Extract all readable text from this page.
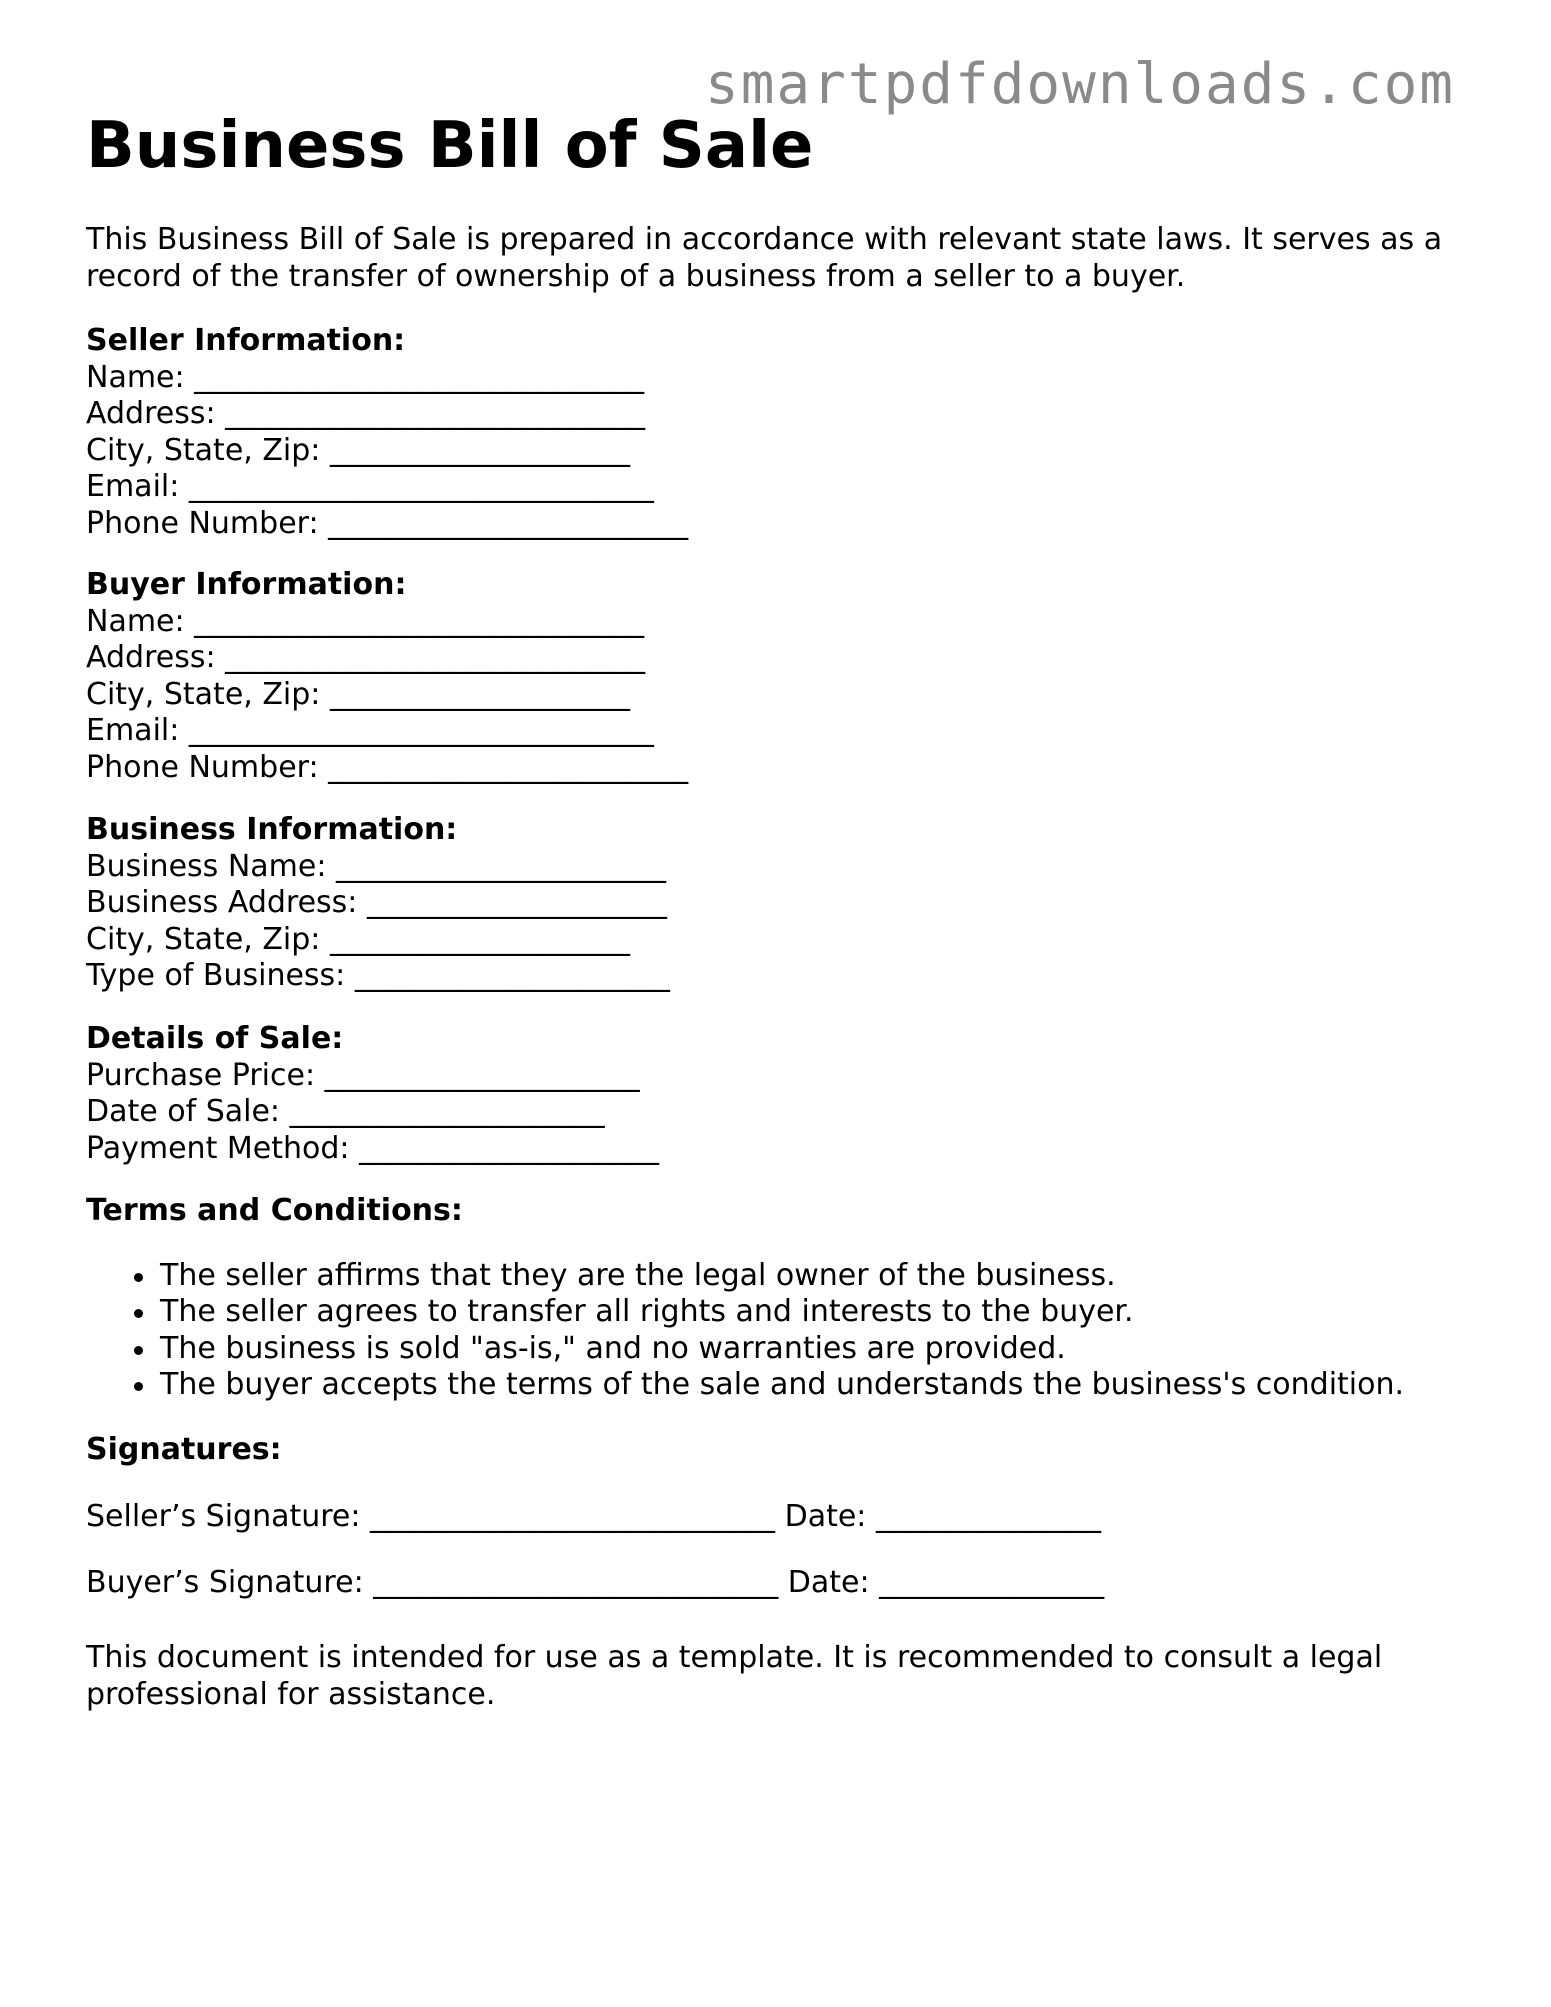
smartpdfdownloads.com
Business Bill of Sale
This Business Bill of Sale is prepared in accordance with relevant state laws. It serves as a record of the transfer of ownership of a business from a seller to a buyer.
Seller Information:
Name: ______________________________
Address: ____________________________
City, State, Zip: ____________________
Email: _______________________________
Phone Number: ________________________
Buyer Information:
Name: ______________________________
Address: ____________________________
City, State, Zip: ____________________
Email: _______________________________
Phone Number: ________________________
Business Information:
Business Name: ______________________
Business Address: ____________________
City, State, Zip: ____________________
Type of Business: _____________________
Details of Sale:
Purchase Price: _____________________
Date of Sale: _____________________
Payment Method: ____________________
Terms and Conditions:
The seller affirms that they are the legal owner of the business.
The seller agrees to transfer all rights and interests to the buyer.
The business is sold "as-is," and no warranties are provided.
The buyer accepts the terms of the sale and understands the business's condition.
Signatures:
Seller’s Signature: ___________________________ Date: _______________
Buyer’s Signature: ___________________________ Date: _______________
This document is intended for use as a template. It is recommended to consult a legal professional for assistance.
